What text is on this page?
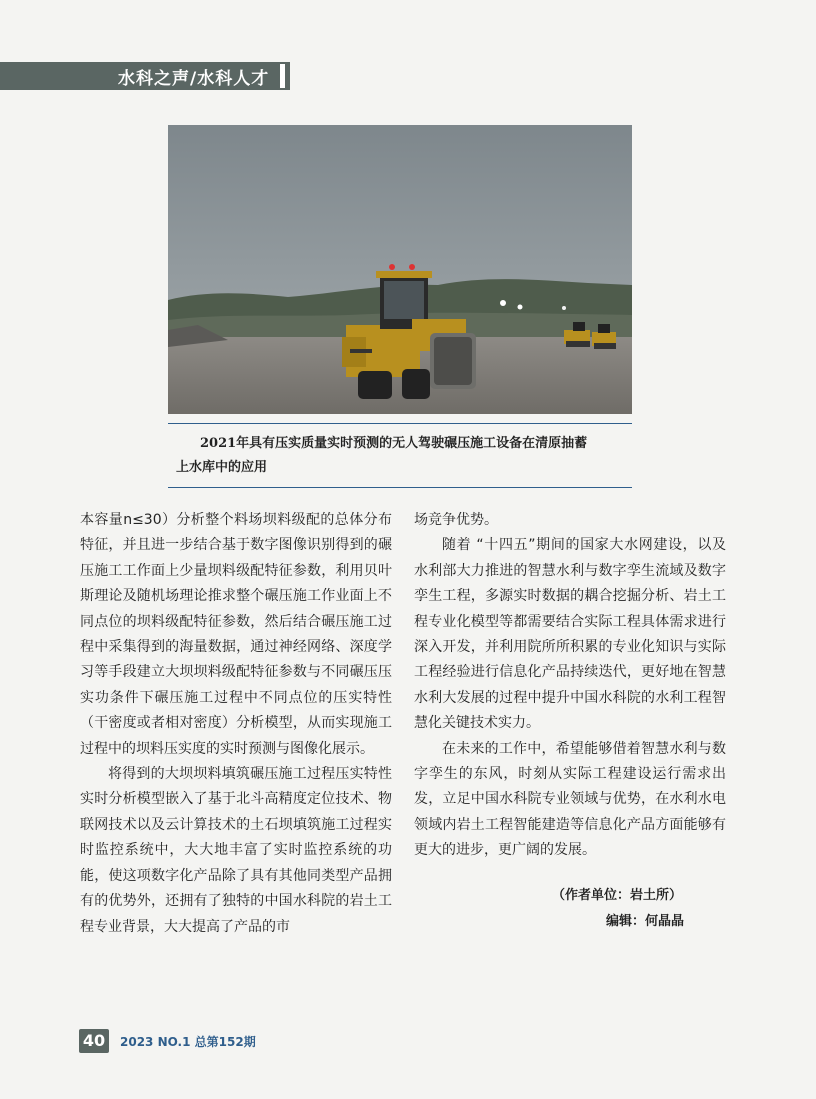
水科之声/水科人才
2021年具有压实质量实时预测的无人驾驶碾压施工设备在清原抽蓄
上水库中的应用

本容量n≤30）分析整个料场坝料级配的总体分布特征，并且进一步结合基于数字图像识别得到的碾压施工工作面上少量坝料级配特征参数，利用贝叶斯理论及随机场理论推求整个碾压施工作业面上不同点位的坝料级配特征参数，然后结合碾压施工过程中采集得到的海量数据，通过神经网络、深度学习等手段建立大坝坝料级配特征参数与不同碾压压实功条件下碾压施工过程中不同点位的压实特性（干密度或者相对密度）分析模型，从而实现施工过程中的坝料压实度的实时预测与图像化展示。

将得到的大坝坝料填筑碾压施工过程压实特性实时分析模型嵌入了基于北斗高精度定位技术、物联网技术以及云计算技术的土石坝填筑施工过程实时监控系统中，大大地丰富了实时监控系统的功能，使这项数字化产品除了具有其他同类型产品拥有的优势外，还拥有了独特的中国水科院的岩土工程专业背景，大大提高了产品的市

场竞争优势。

随着 “十四五”期间的国家大水网建设，以及水利部大力推进的智慧水利与数字孪生流域及数字孪生工程，多源实时数据的耦合挖掘分析、岩土工程专业化模型等都需要结合实际工程具体需求进行深入开发，并利用院所所积累的专业化知识与实际工程经验进行信息化产品持续迭代，更好地在智慧水利大发展的过程中提升中国水科院的水利工程智慧化关键技术实力。

在未来的工作中，希望能够借着智慧水利与数字孪生的东风，时刻从实际工程建设运行需求出发，立足中国水科院专业领域与优势，在水利水电领域内岩土工程智能建造等信息化产品方面能够有更大的进步，更广阔的发展。

（作者单位：岩土所）
编辑：何晶晶
40	2023 NO.1 总第152期
